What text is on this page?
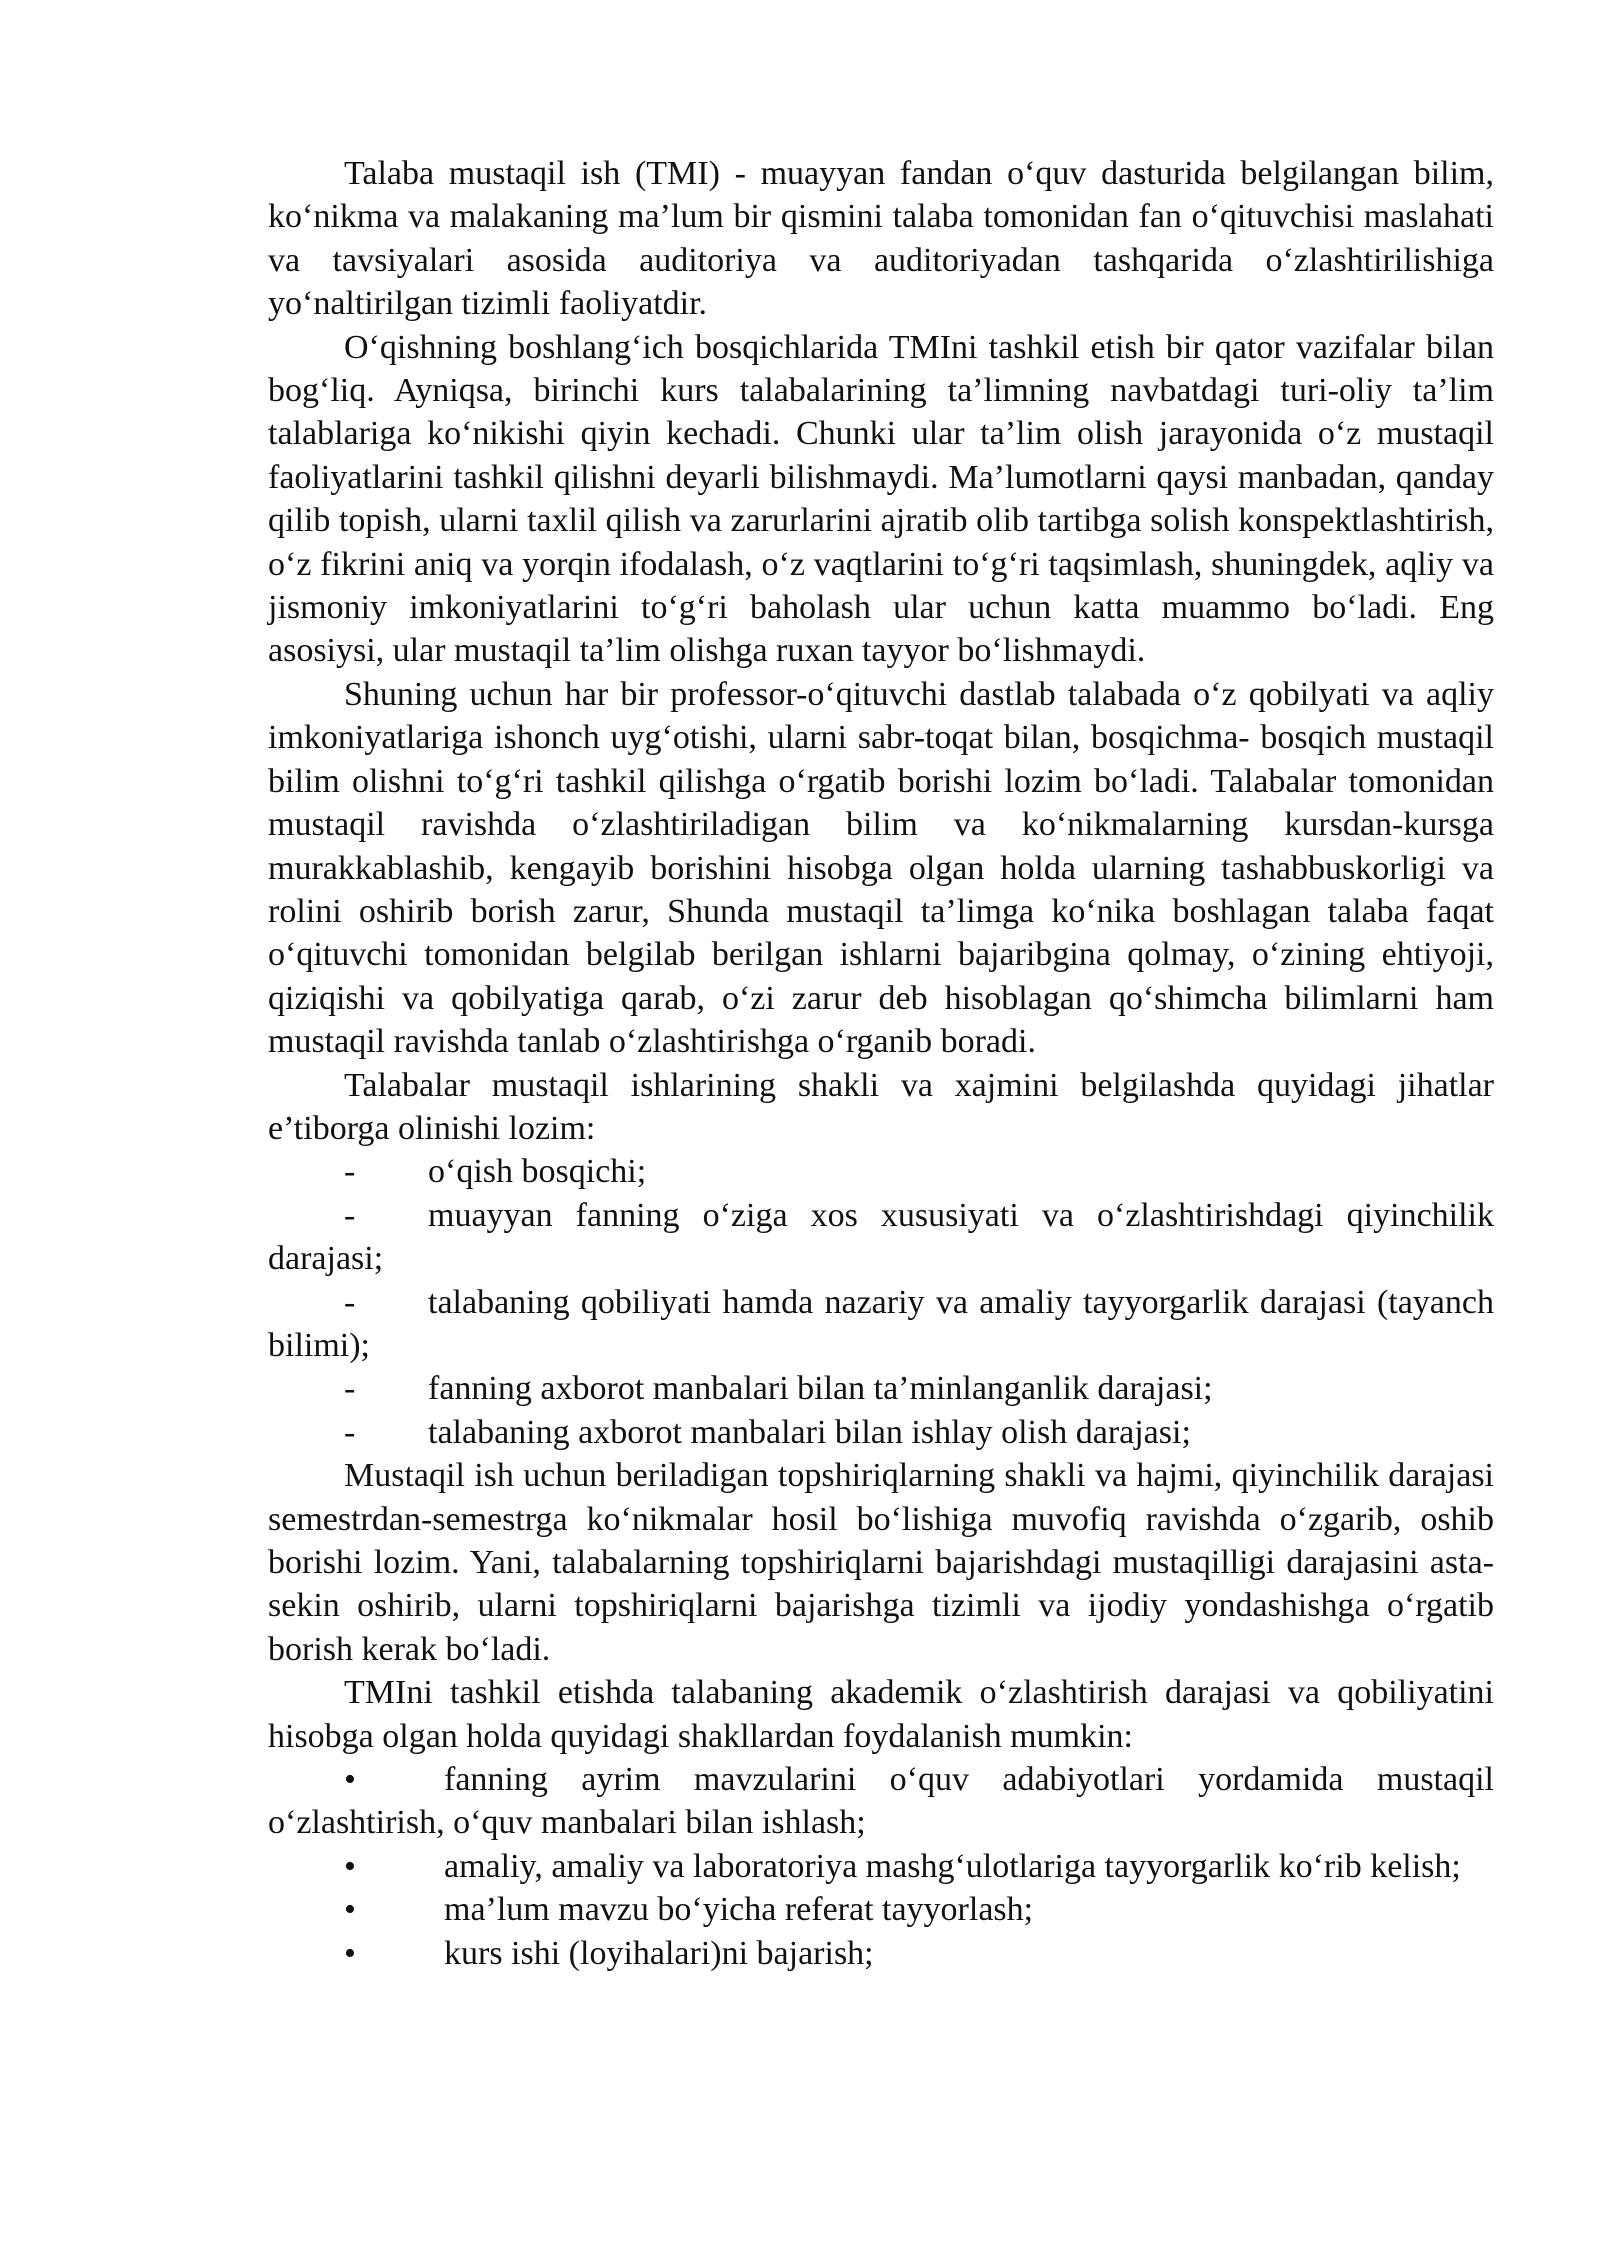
Talaba mustaqil ish (TMI) - muayyan fandan o‘quv dasturida belgilangan bilim, ko‘nikma va malakaning ma’lum bir qismini talaba tomonidan fan o‘qituvchisi maslahati va tavsiyalari asosida auditoriya va auditoriyadan tashqarida o‘zlashtirilishiga yo‘naltirilgan tizimli faoliyatdir.

O‘qishning boshlang‘ich bosqichlarida TMIni tashkil etish bir qator vazifalar bilan bog‘liq. Ayniqsa, birinchi kurs talabalarining ta’limning navbatdagi turi-oliy ta’lim talablariga ko‘nikishi qiyin kechadi. Chunki ular ta’lim olish jarayonida o‘z mustaqil faoliyatlarini tashkil qilishni deyarli bilishmaydi. Ma’lumotlarni qaysi manbadan, qanday qilib topish, ularni taxlil qilish va zarurlarini ajratib olib tartibga solish konspektlashtirish, o‘z fikrini aniq va yorqin ifodalash, o‘z vaqtlarini to‘g‘ri taqsimlash, shuningdek, aqliy va jismoniy imkoniyatlarini to‘g‘ri baholash ular uchun katta muammo bo‘ladi. Eng asosiysi, ular mustaqil ta’lim olishga ruxan tayyor bo‘lishmaydi.

Shuning uchun har bir professor-o‘qituvchi dastlab talabada o‘z qobilyati va aqliy imkoniyatlariga ishonch uyg‘otishi, ularni sabr-toqat bilan, bosqichma- bosqich mustaqil bilim olishni to‘g‘ri tashkil qilishga o‘rgatib borishi lozim bo‘ladi. Talabalar tomonidan mustaqil ravishda o‘zlashtiriladigan bilim va ko‘nikmalarning kursdan-kursga murakkablashib, kengayib borishini hisobga olgan holda ularning tashabbuskorligi va rolini oshirib borish zarur, Shunda mustaqil ta’limga ko‘nika boshlagan talaba faqat o‘qituvchi tomonidan belgilab berilgan ishlarni bajaribgina qolmay, o‘zining ehtiyoji, qiziqishi va qobilyatiga qarab, o‘zi zarur deb hisoblagan qo‘shimcha bilimlarni ham mustaqil ravishda tanlab o‘zlashtirishga o‘rganib boradi.

Talabalar mustaqil ishlarining shakli va xajmini belgilashda quyidagi jihatlar e’tiborga olinishi lozim:

- o‘qish bosqichi;

- muayyan fanning o‘ziga xos xususiyati va o‘zlashtirishdagi qiyinchilik darajasi;

- talabaning qobiliyati hamda nazariy va amaliy tayyorgarlik darajasi (tayanch bilimi);

- fanning axborot manbalari bilan ta’minlanganlik darajasi;

- talabaning axborot manbalari bilan ishlay olish darajasi;

Mustaqil ish uchun beriladigan topshiriqlarning shakli va hajmi, qiyinchilik darajasi semestrdan-semestrga ko‘nikmalar hosil bo‘lishiga muvofiq ravishda o‘zgarib, oshib borishi lozim. Yani, talabalarning topshiriqlarni bajarishdagi mustaqilligi darajasini asta-sekin oshirib, ularni topshiriqlarni bajarishga tizimli va ijodiy yondashishga o‘rgatib borish kerak bo‘ladi.

TMIni tashkil etishda talabaning akademik o‘zlashtirish darajasi va qobiliyatini hisobga olgan holda quyidagi shakllardan foydalanish mumkin:

•	fanning ayrim mavzularini o‘quv adabiyotlari yordamida mustaqil o‘zlashtirish, o‘quv manbalari bilan ishlash;

•	amaliy, amaliy va laboratoriya mashg‘ulotlariga tayyorgarlik ko‘rib kelish;

•	ma’lum mavzu bo‘yicha referat tayyorlash;

•	kurs ishi (loyihalari)ni bajarish;
